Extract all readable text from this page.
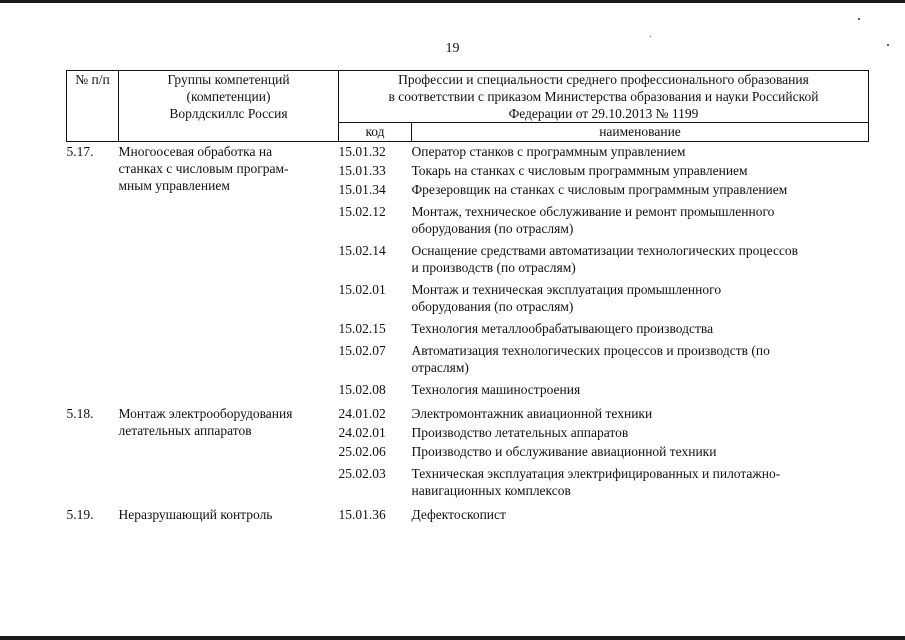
19
№ п/п	Группы компетенций
(компетенции)
Ворлдскиллс Россия	Профессии и специальности среднего профессионального образования
в соответствии с приказом Министерства образования и науки Российской
Федерации от 29.10.2013 № 1199	
		код	наименование
5.17.	Многоосевая обработка на
станках с числовым програм-
мным управлением	15.01.32	Оператор станков с программным управлением
		15.01.33	Токарь на станках с числовым программным управлением
		15.01.34	Фрезеровщик на станках с числовым программным управлением
		15.02.12	Монтаж, техническое обслуживание и ремонт промышленного
оборудования (по отраслям)
		15.02.14	Оснащение средствами автоматизации технологических процессов
и производств (по отраслям)
		15.02.01	Монтаж и техническая эксплуатация промышленного
оборудования (по отраслям)
		15.02.15	Технология металлообрабатывающего производства
		15.02.07	Автоматизация технологических процессов и производств (по
отраслям)
		15.02.08	Технология машиностроения
5.18.	Монтаж электрооборудования
летательных аппаратов	24.01.02	Электромонтажник авиационной техники
		24.02.01	Производство летательных аппаратов
		25.02.06	Производство и обслуживание авиационной техники
		25.02.03	Техническая эксплуатация электрифицированных и пилотажно-
навигационных комплексов
5.19.	Неразрушающий контроль	15.01.36	Дефектоскопист
